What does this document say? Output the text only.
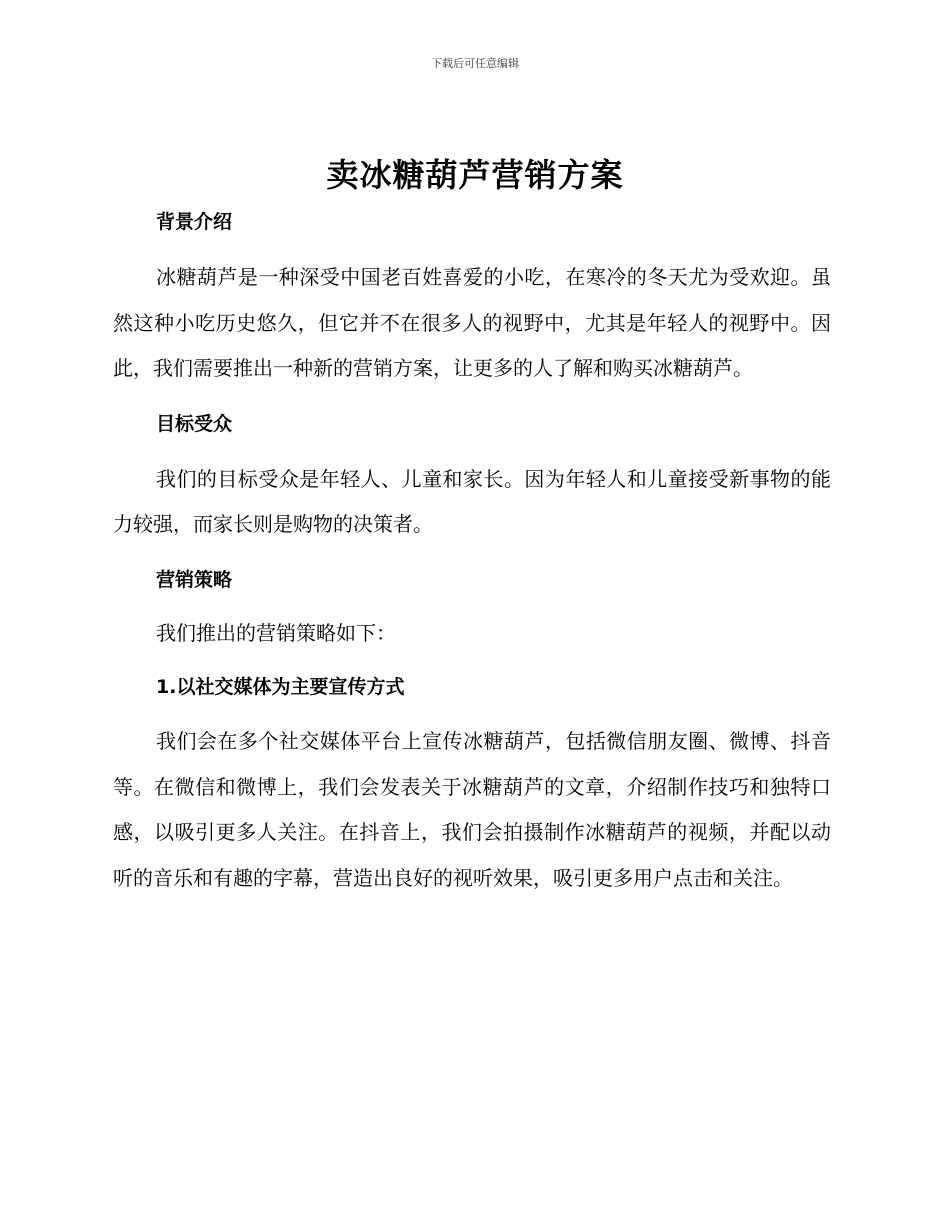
下载后可任意编辑
卖冰糖葫芦营销方案

背景介绍

冰糖葫芦是一种深受中国老百姓喜爱的小吃，在寒冷的冬天尤为受欢迎。虽然这种小吃历史悠久，但它并不在很多人的视野中，尤其是年轻人的视野中。因此，我们需要推出一种新的营销方案，让更多的人了解和购买冰糖葫芦。

目标受众

我们的目标受众是年轻人、儿童和家长。因为年轻人和儿童接受新事物的能力较强，而家长则是购物的决策者。

营销策略

我们推出的营销策略如下：

1.以社交媒体为主要宣传方式

我们会在多个社交媒体平台上宣传冰糖葫芦，包括微信朋友圈、微博、抖音等。在微信和微博上，我们会发表关于冰糖葫芦的文章，介绍制作技巧和独特口感，以吸引更多人关注。在抖音上，我们会拍摄制作冰糖葫芦的视频，并配以动听的音乐和有趣的字幕，营造出良好的视听效果，吸引更多用户点击和关注。
